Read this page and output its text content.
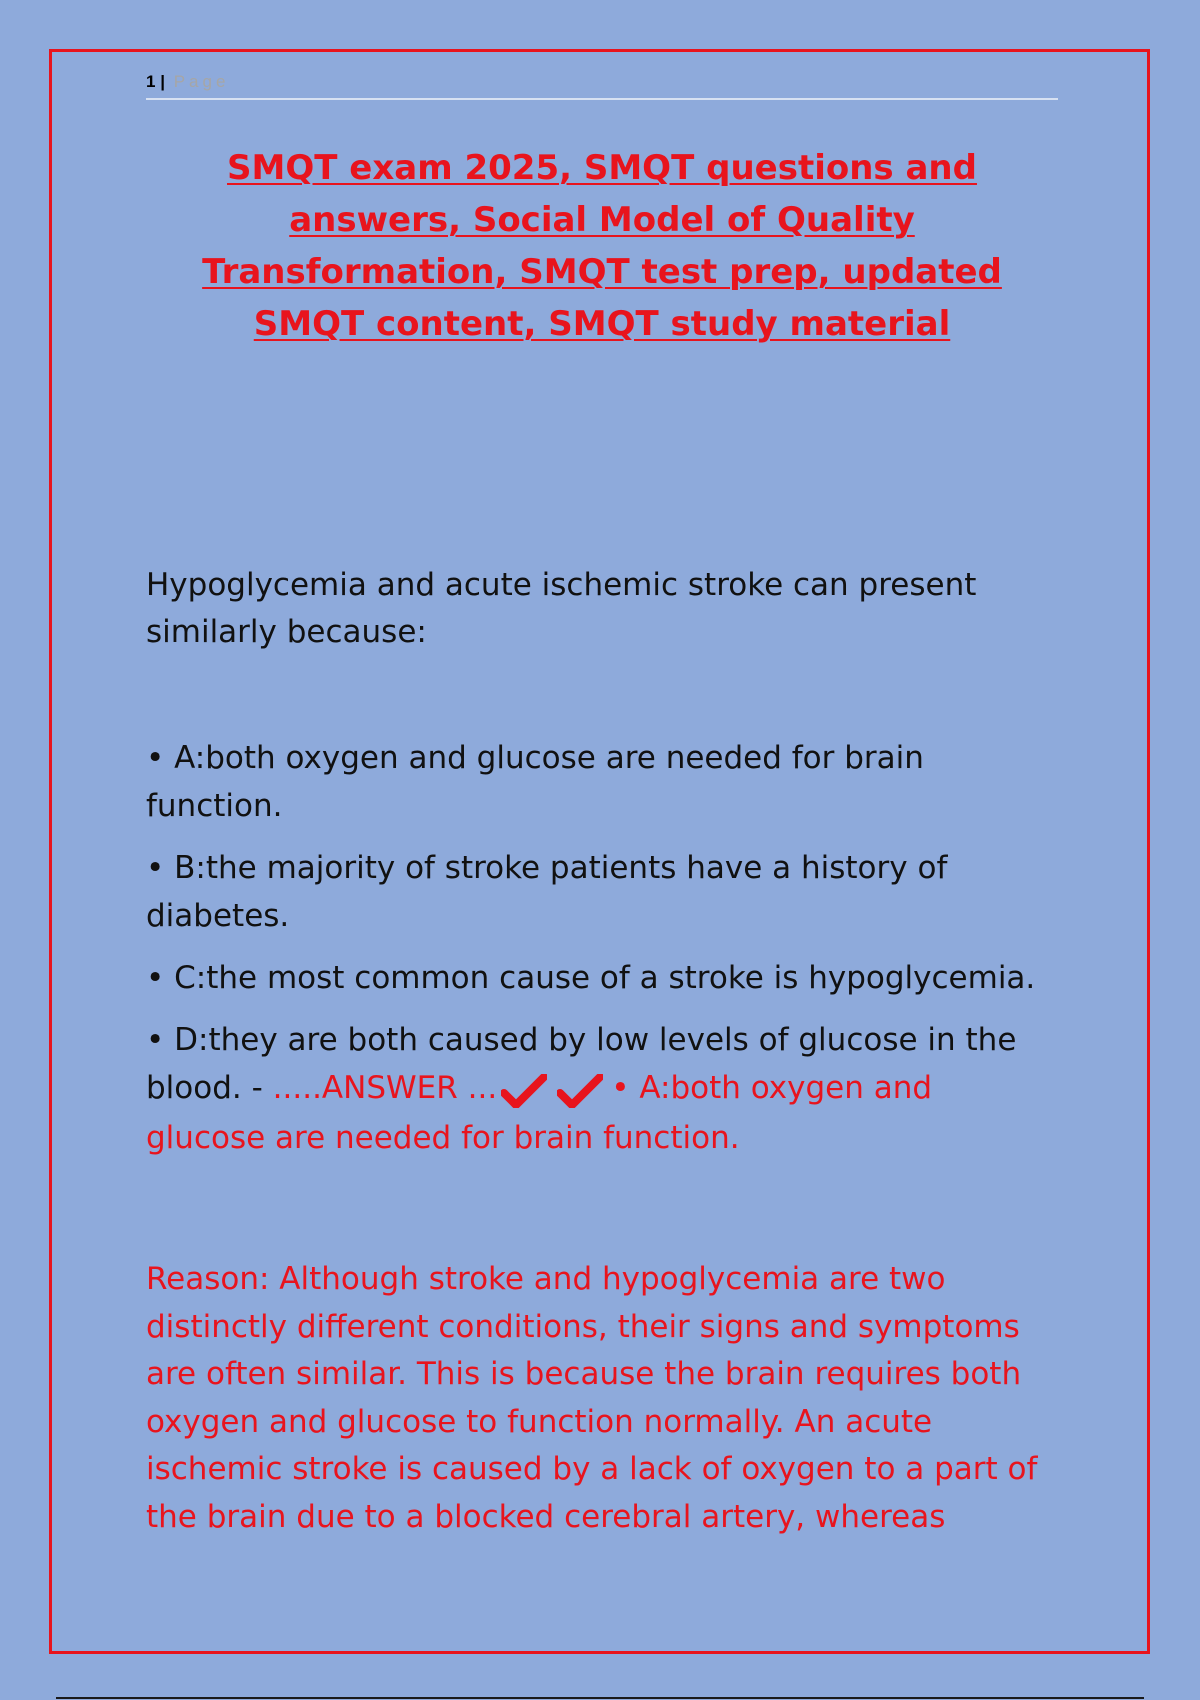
1 | Page
SMQT exam 2025, SMQT questions and answers, Social Model of Quality Transformation, SMQT test prep, updated SMQT content, SMQT study material
Hypoglycemia and acute ischemic stroke can present similarly because:
• A:both oxygen and glucose are needed for brain function.
• B:the majority of stroke patients have a history of diabetes.
• C:the most common cause of a stroke is hypoglycemia.
• D:they are both caused by low levels of glucose in the blood. - .....ANSWER ...	• A:both oxygen and glucose are needed for brain function.

Reason: Although stroke and hypoglycemia are two distinctly different conditions, their signs and symptoms are often similar. This is because the brain requires both oxygen and glucose to function normally. An acute ischemic stroke is caused by a lack of oxygen to a part of the brain due to a blocked cerebral artery, whereas
